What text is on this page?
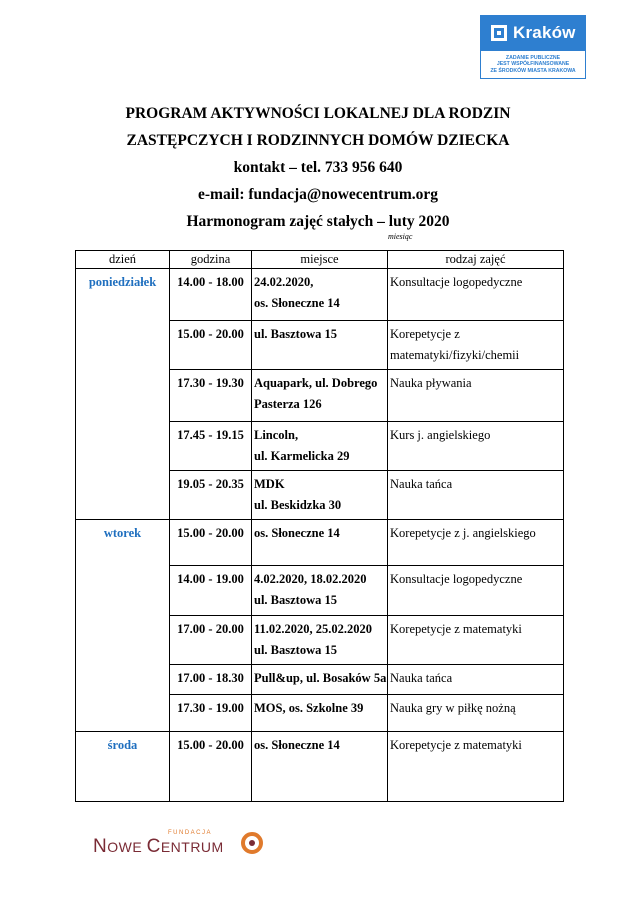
Kraków
ZADANIE PUBLICZNE
JEST WSPÓŁFINANSOWANE
ZE ŚRODKÓW MIASTA KRAKOWA
PROGRAM AKTYWNOŚCI LOKALNEJ DLA RODZIN
ZASTĘPCZYCH I RODZINNYCH DOMÓW DZIECKA
kontakt – tel. 733 956 640
e-mail: fundacja@nowecentrum.org
Harmonogram zajęć stałych – luty 2020
miesiąc
dzień	godzina	miejsce	rodzaj zajęć
poniedziałek	14.00 - 18.00	24.02.2020,
os. Słoneczne 14	Konsultacje logopedyczne
	15.00 - 20.00	ul. Basztowa 15	Korepetycje z matematyki/fizyki/chemii
	17.30 - 19.30	Aquapark, ul. Dobrego
Pasterza 126	Nauka pływania
	17.45 - 19.15	Lincoln,
ul. Karmelicka 29	Kurs j. angielskiego
	19.05 - 20.35	MDK
ul. Beskidzka 30	Nauka tańca
wtorek	15.00 - 20.00	os. Słoneczne 14	Korepetycje z j. angielskiego
	14.00 - 19.00	4.02.2020, 18.02.2020
ul. Basztowa 15	Konsultacje logopedyczne
	17.00 - 20.00	11.02.2020, 25.02.2020
ul. Basztowa 15	Korepetycje z matematyki
	17.00 - 18.30	Pull&up, ul. Bosaków 5a	Nauka tańca
	17.30 - 19.00	MOS, os. Szkolne 39	Nauka gry w piłkę nożną
środa	15.00 - 20.00	os. Słoneczne 14	Korepetycje z matematyki
FUNDACJA
NOWE CENTRUM
